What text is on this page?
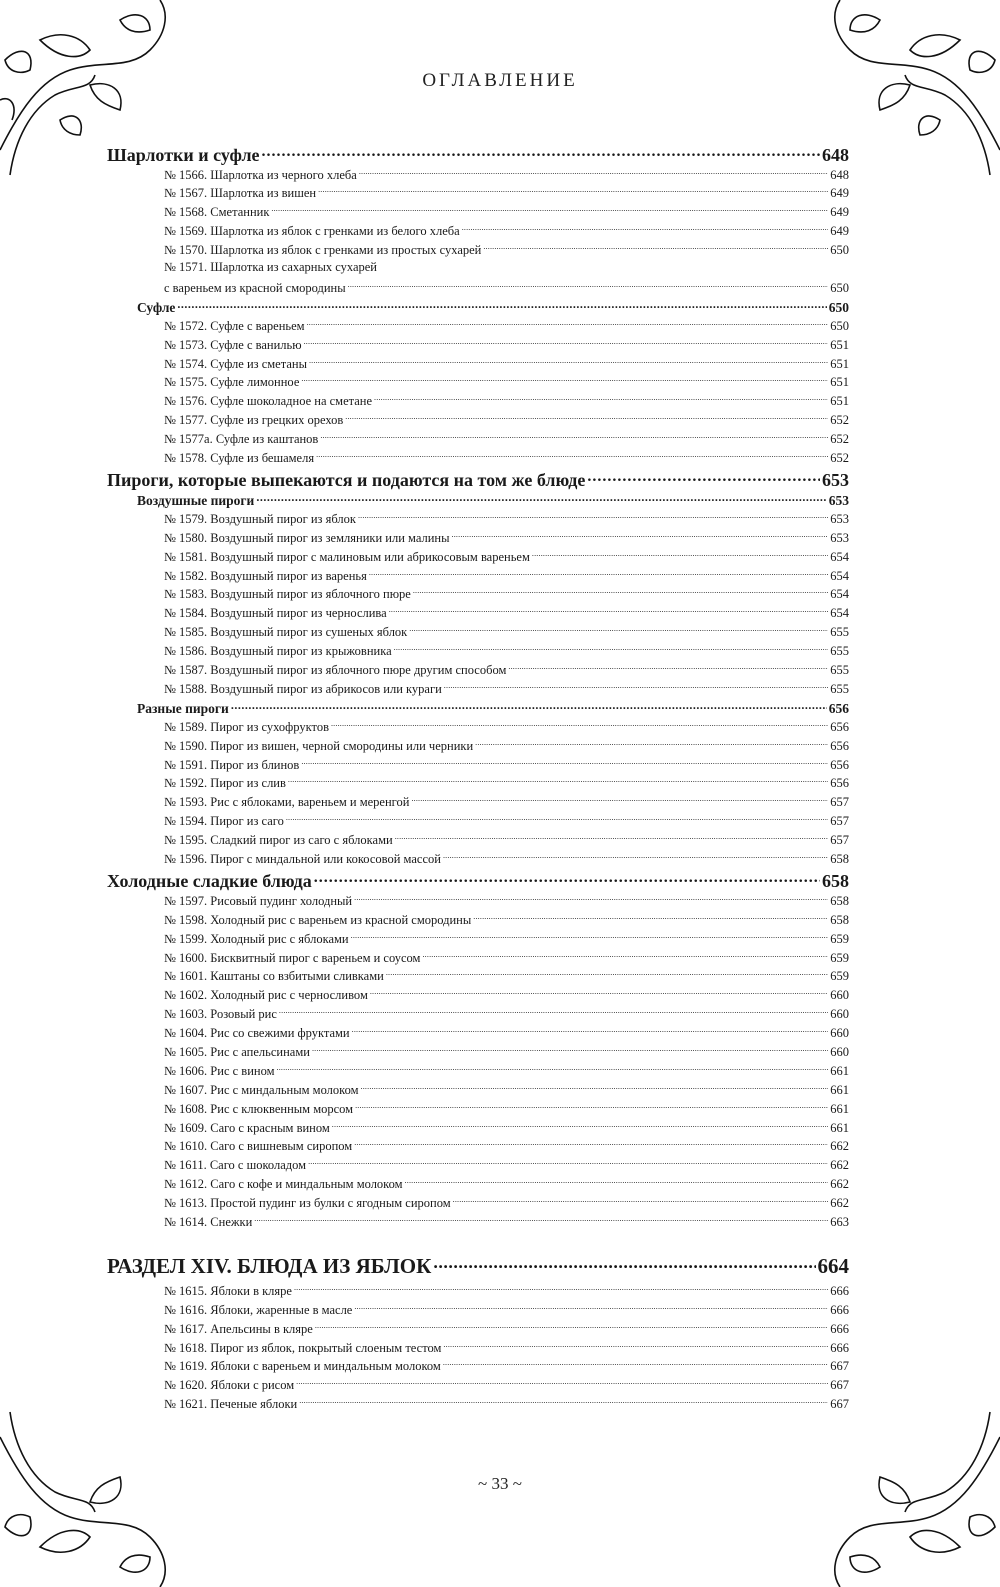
ОГЛАВЛЕНИЕ
Шарлотки и суфле .....	648
№ 1566. Шарлотка из черного хлеба .....	648
№ 1567. Шарлотка из вишен .....	649
№ 1568. Сметанник .....	649
№ 1569. Шарлотка из яблок с гренками из белого хлеба .....	649
№ 1570. Шарлотка из яблок с гренками из простых сухарей .....	650
№ 1571. Шарлотка из сахарных сухарей
с вареньем из красной смородины .....	650
Суфле .....	650
№ 1572. Суфле с вареньем .....	650
№ 1573. Суфле с ванилью .....	651
№ 1574. Суфле из сметаны .....	651
№ 1575. Суфле лимонное .....	651
№ 1576. Суфле шоколадное на сметане .....	651
№ 1577. Суфле из грецких орехов .....	652
№ 1577а. Суфле из каштанов .....	652
№ 1578. Суфле из бешамеля .....	652
Пироги, которые выпекаются и подаются на том же блюде .....	653
Воздушные пироги .....	653
№ 1579. Воздушный пирог из яблок .....	653
№ 1580. Воздушный пирог из земляники или малины .....	653
№ 1581. Воздушный пирог с малиновым или абрикосовым вареньем .....	654
№ 1582. Воздушный пирог из варенья .....	654
№ 1583. Воздушный пирог из яблочного пюре .....	654
№ 1584. Воздушный пирог из чернослива .....	654
№ 1585. Воздушный пирог из сушеных яблок .....	655
№ 1586. Воздушный пирог из крыжовника .....	655
№ 1587. Воздушный пирог из яблочного пюре другим способом .....	655
№ 1588. Воздушный пирог из абрикосов или кураги .....	655
Разные пироги .....	656
№ 1589. Пирог из сухофруктов .....	656
№ 1590. Пирог из вишен, черной смородины или черники .....	656
№ 1591. Пирог из блинов .....	656
№ 1592. Пирог из слив .....	656
№ 1593. Рис с яблоками, вареньем и меренгой .....	657
№ 1594. Пирог из саго .....	657
№ 1595. Сладкий пирог из саго с яблоками .....	657
№ 1596. Пирог с миндальной или кокосовой массой .....	658
Холодные сладкие блюда .....	658
№ 1597. Рисовый пудинг холодный .....	658
№ 1598. Холодный рис с вареньем из красной смородины .....	658
№ 1599. Холодный рис с яблоками .....	659
№ 1600. Бисквитный пирог с вареньем и соусом .....	659
№ 1601. Каштаны со взбитыми сливками .....	659
№ 1602. Холодный рис с черносливом .....	660
№ 1603. Розовый рис .....	660
№ 1604. Рис со свежими фруктами .....	660
№ 1605. Рис с апельсинами .....	660
№ 1606. Рис с вином .....	661
№ 1607. Рис с миндальным молоком .....	661
№ 1608. Рис с клюквенным морсом .....	661
№ 1609. Саго с красным вином .....	661
№ 1610. Саго с вишневым сиропом .....	662
№ 1611. Саго с шоколадом .....	662
№ 1612. Саго с кофе и миндальным молоком .....	662
№ 1613. Простой пудинг из булки с ягодным сиропом .....	662
№ 1614. Снежки .....	663
РАЗДЕЛ XIV. БЛЮДА ИЗ ЯБЛОК .....	664
№ 1615. Яблоки в кляре .....	666
№ 1616. Яблоки, жаренные в масле .....	666
№ 1617. Апельсины в кляре .....	666
№ 1618. Пирог из яблок, покрытый слоеным тестом .....	666
№ 1619. Яблоки с вареньем и миндальным молоком .....	667
№ 1620. Яблоки с рисом .....	667
№ 1621. Печеные яблоки .....	667
~ 33 ~
